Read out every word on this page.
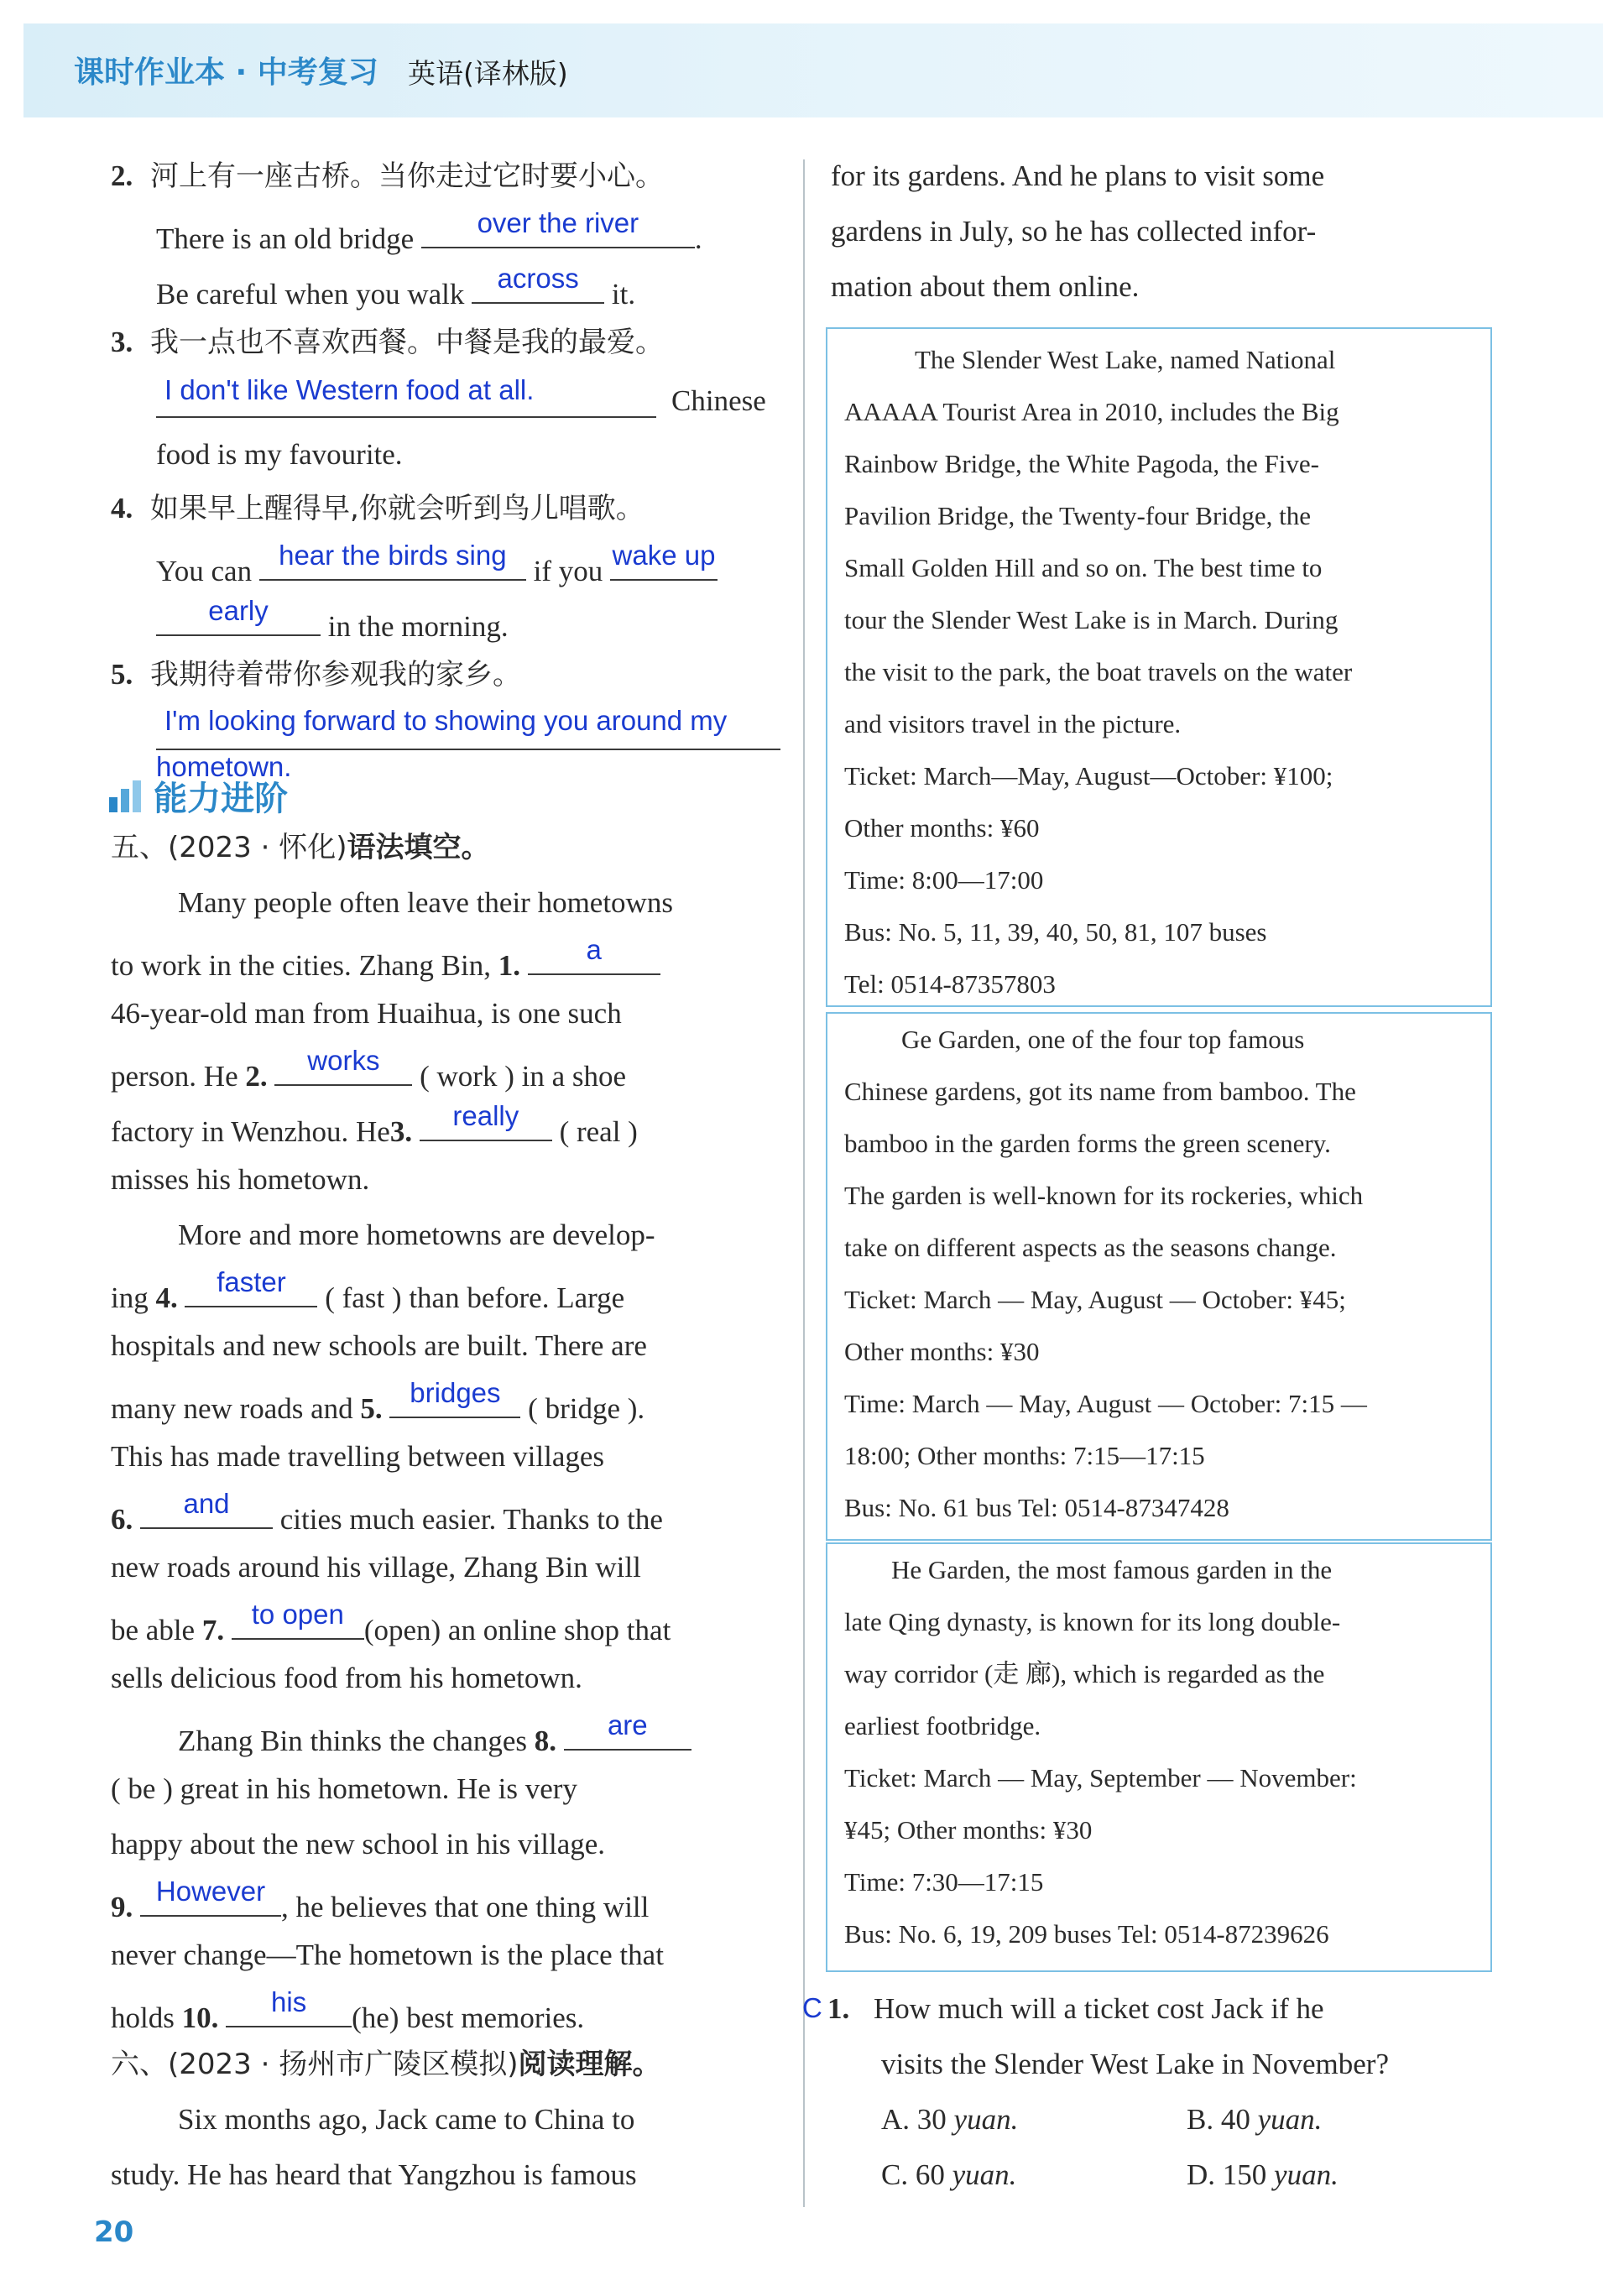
课时作业本 · 中考复习 英语(译林版)
2. 河上有一座古桥。当你走过它时要小心。
There is an old bridge	over the river	.
Be careful when you walk	across	it.
3. 我一点也不喜欢西餐。中餐是我的最爱。
I don't like Western food at all.	Chinese
food is my favourite.
4. 如果早上醒得早,你就会听到鸟儿唱歌。
You can hear the birds sing if you wake up
early	in the morning.
5. 我期待着带你参观我的家乡。
I'm looking forward to showing you around my
hometown.
能力进阶
五、(2023 · 怀化)语法填空。
Many people often leave their hometowns
to work in the cities. Zhang Bin, 1.	a
46-year-old man from Huaihua, is one such
person. He 2.	works	( work ) in a shoe
factory in Wenzhou. He3.	really	( real )
misses his hometown.
More and more hometowns are develop-
ing 4.	faster	( fast ) than before. Large
hospitals and new schools are built. There are
many new roads and 5. bridges ( bridge ).
This has made travelling between villages
6.	and	cities much easier. Thanks to the
new roads around his village, Zhang Bin will
be able 7. to open (open) an online shop that
sells delicious food from his hometown.
Zhang Bin thinks the changes 8.	are
( be ) great in his hometown. He is very
happy about the new school in his village.
9. However , he believes that one thing will
never change—The hometown is the place that
holds 10.	his	(he) best memories.
六、(2023 · 扬州市广陵区模拟)阅读理解。
Six months ago, Jack came to China to
study. He has heard that Yangzhou is famous
for its gardens. And he plans to visit some
gardens in July, so he has collected infor-
mation about them online.
The Slender West Lake, named National
AAAAA Tourist Area in 2010, includes the Big
Rainbow Bridge, the White Pagoda, the Five-
Pavilion Bridge, the Twenty-four Bridge, the
Small Golden Hill and so on. The best time to
tour the Slender West Lake is in March. During
the visit to the park, the boat travels on the water
and visitors travel in the picture.
Ticket: March—May, August—October: ¥100;
Other months: ¥60
Time: 8:00—17:00
Bus: No. 5, 11, 39, 40, 50, 81, 107 buses
Tel: 0514-87357803
Ge Garden, one of the four top famous
Chinese gardens, got its name from bamboo. The
bamboo in the garden forms the green scenery.
The garden is well-known for its rockeries, which
take on different aspects as the seasons change.
Ticket: March — May, August — October: ¥45;
Other months: ¥30
Time: March — May, August — October: 7:15 —
18:00; Other months: 7:15—17:15
Bus: No. 61 bus Tel: 0514-87347428
He Garden, the most famous garden in the
late Qing dynasty, is known for its long double-
way corridor (走 廊), which is regarded as the
earliest footbridge.
Ticket: March — May, September — November:
¥45; Other months: ¥30
Time: 7:30—17:15
Bus: No. 6, 19, 209 buses Tel: 0514-87239626
C 1. How much will a ticket cost Jack if he
visits the Slender West Lake in November?
A. 30 yuan.	B. 40 yuan.
C. 60 yuan.	D. 150 yuan.
20
